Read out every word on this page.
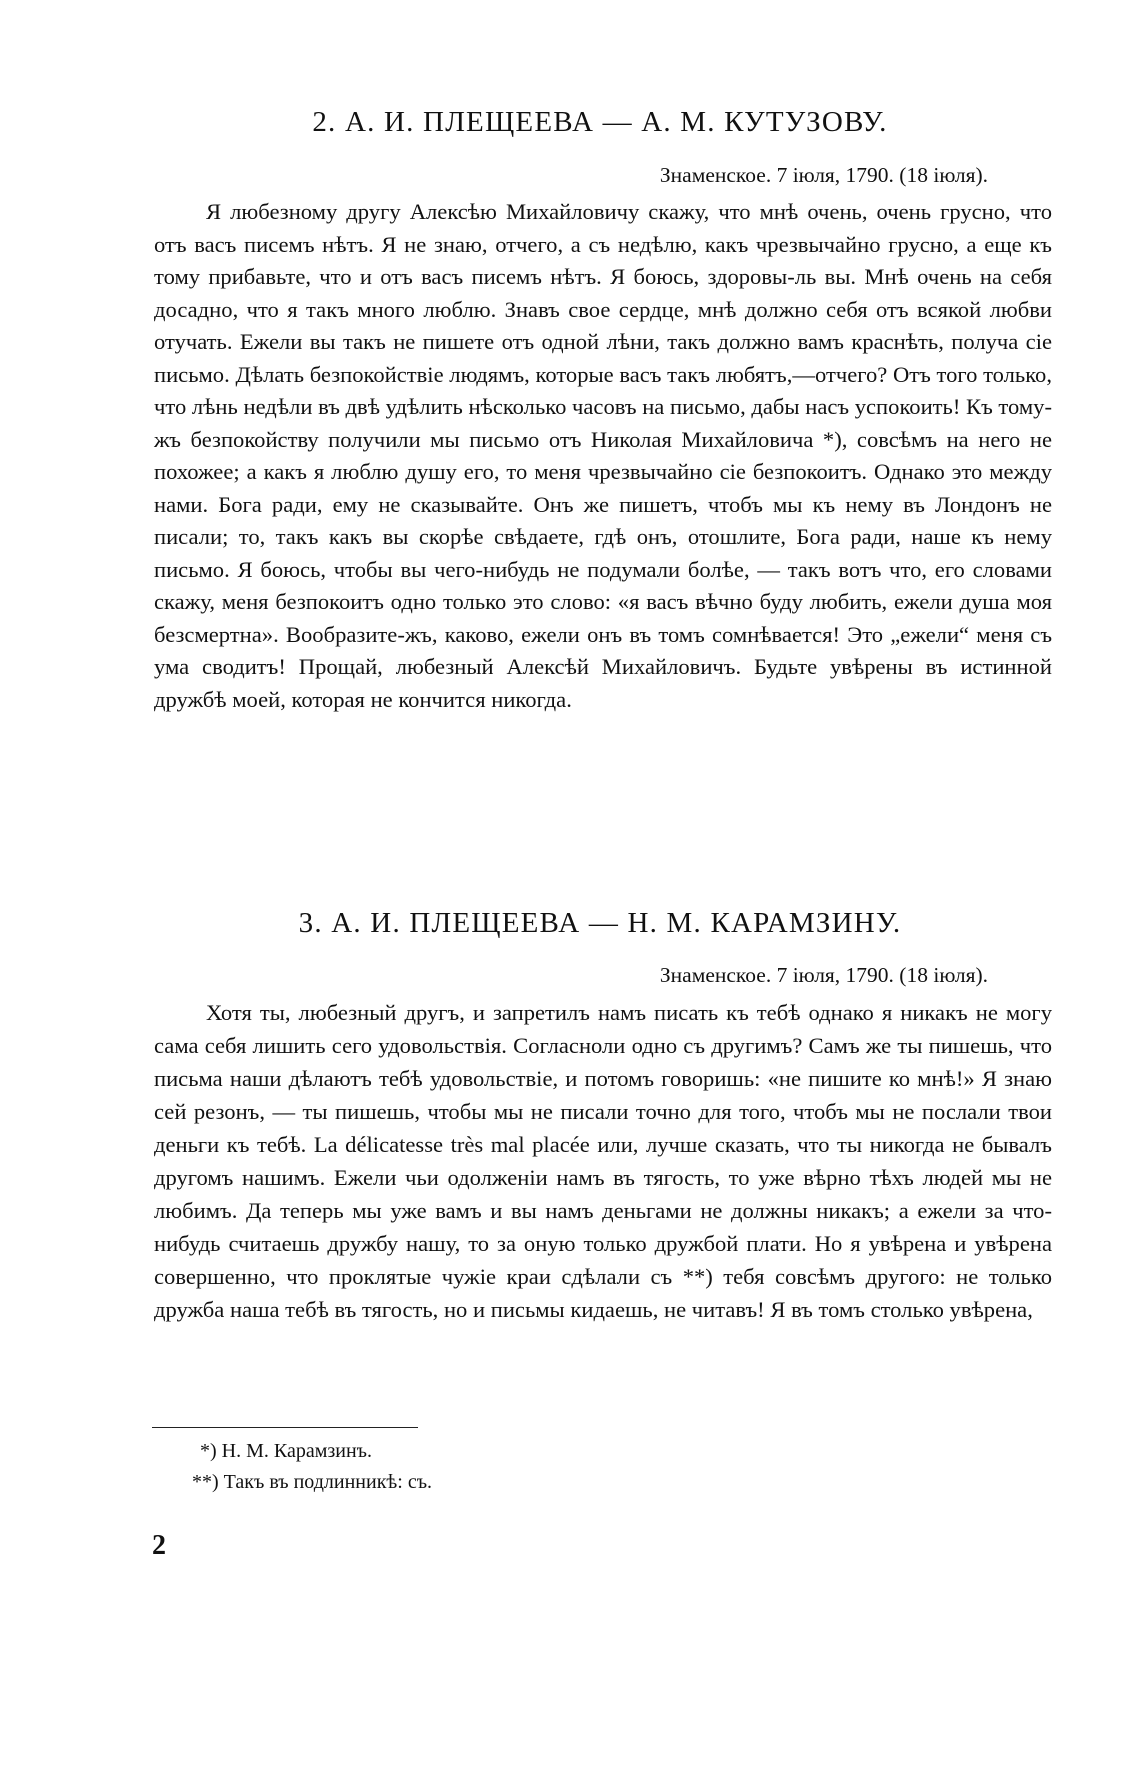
2. А. И. ПЛЕЩЕЕВА — А. М. КУТУЗОВУ.

Знаменское. 7 іюля, 1790. (18 іюля).

Я любезному другу Алексѣю Михайловичу скажу, что мнѣ очень, очень грусно, что отъ васъ писемъ нѣтъ. Я не знаю, отчего, а съ недѣлю, какъ чрезвычайно грусно, а еще къ тому прибавьте, что и отъ васъ писемъ нѣтъ. Я боюсь, здоровы-ль вы. Мнѣ очень на себя досадно, что я такъ много люблю. Знавъ свое сердце, мнѣ должно себя отъ всякой любви отучать. Ежели вы такъ не пишете отъ одной лѣни, такъ должно вамъ краснѣть, получа сіе письмо. Дѣлать безпокойствіе людямъ, которые васъ такъ любятъ,—отчего? Отъ того только, что лѣнь недѣли въ двѣ удѣлить нѣсколько часовъ на письмо, дабы насъ успокоить! Къ тому-жъ безпокойству получили мы письмо отъ Николая Михайловича *), совсѣмъ на него не похожее; а какъ я люблю душу его, то меня чрезвычайно сіе безпокоитъ. Однако это между нами. Бога ради, ему не сказывайте. Онъ же пишетъ, чтобъ мы къ нему въ Лондонъ не писали; то, такъ какъ вы скорѣе свѣдаете, гдѣ онъ, отошлите, Бога ради, наше къ нему письмо. Я боюсь, чтобы вы чего-нибудь не подумали болѣе, — такъ вотъ что, его словами скажу, меня безпокоитъ одно только это слово: «я васъ вѣчно буду любить, ежели душа моя безсмертна». Вообразите-жъ, каково, ежели онъ въ томъ сомнѣвается! Это „ежели“ меня съ ума сводитъ! Прощай, любезный Алексѣй Михайловичъ. Будьте увѣрены въ истинной дружбѣ моей, которая не кончится никогда.

3. А. И. ПЛЕЩЕЕВА — Н. М. КАРАМЗИНУ.

Знаменское. 7 іюля, 1790. (18 іюля).

Хотя ты, любезный другъ, и запретилъ намъ писать къ тебѣ однако я никакъ не могу сама себя лишить сего удовольствія. Согласноли одно съ другимъ? Самъ же ты пишешь, что письма наши дѣлаютъ тебѣ удовольствіе, и потомъ говоришь: «не пишите ко мнѣ!» Я знаю сей резонъ, — ты пишешь, чтобы мы не писали точно для того, чтобъ мы не послали твои деньги къ тебѣ. La délicatesse très mal placée или, лучше сказать, что ты никогда не бывалъ другомъ нашимъ. Ежели чьи одолженіи намъ въ тягость, то уже вѣрно тѣхъ людей мы не любимъ. Да теперь мы уже вамъ и вы намъ деньгами не должны никакъ; а ежели за что-нибудь считаешь дружбу нашу, то за оную только дружбой плати. Но я увѣрена и увѣрена совершенно, что проклятые чужіе краи сдѣлали съ **) тебя совсѣмъ другого: не только дружба наша тебѣ въ тягость, но и письмы кидаешь, не читавъ! Я въ томъ столько увѣрена,

*) Н. М. Карамзинъ.

**) Такъ въ подлинникѣ: съ.

2
